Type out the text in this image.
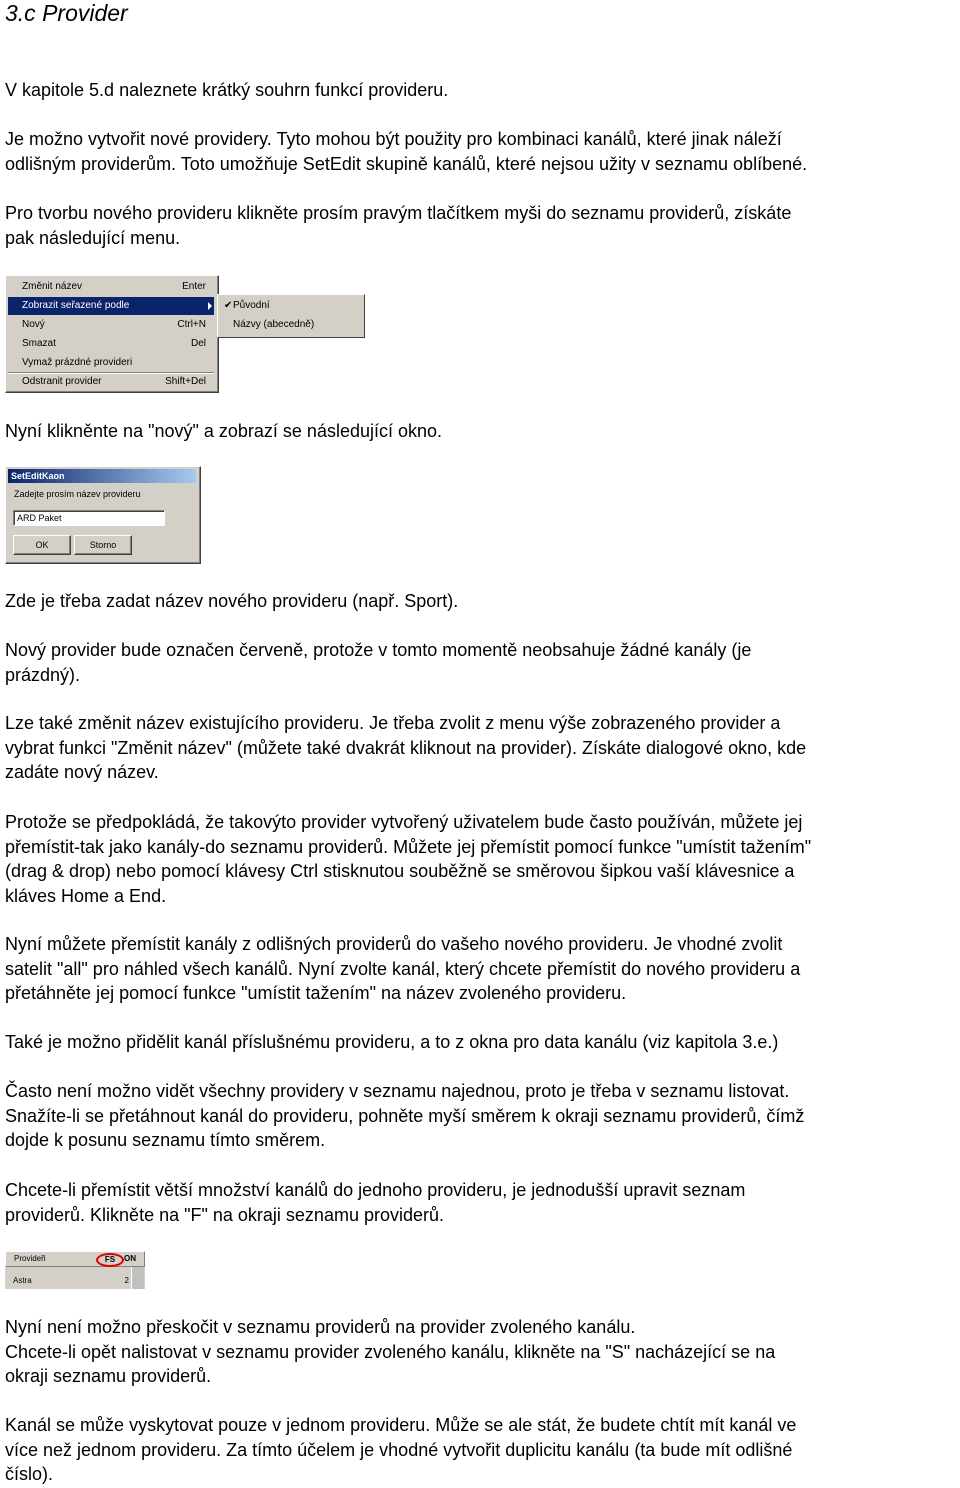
3.c Provider
V kapitole 5.d naleznete krátký souhrn funkcí provideru.
Je možno vytvořit nové providery. Tyto mohou být použity pro kombinaci kanálů, které jinak náleží
odlišným providerům. Toto umožňuje SetEdit skupině kanálů, které nejsou užity v seznamu oblíbené.
Pro tvorbu nového provideru klikněte prosím pravým tlačítkem myši do seznamu providerů, získáte
pak následující menu.
Změnit název	Enter
Zobrazit seřazené podle
Nový	Ctrl+N
Smazat	Del
Vymaž prázdné providerі
Odstranit provider	Shift+Del
✔ Původní
Názvy (abecedně)
Nyní klikněnte na "nový" a zobrazí se následující okno.
SetEditKaon
Zadejte prosím název provideru
ARD Paket
OK	Storno
Zde je třeba zadat název nového provideru (např. Sport).
Nový provider bude označen červeně, protože v tomto momentě neobsahuje žádné kanály (je
prázdný).
Lze také změnit název existujícího provideru. Je třeba zvolit z menu výše zobrazeného provider a
vybrat funkci "Změnit název" (můžete také dvakrát kliknout na provider). Získáte dialogové okno, kde
zadáte nový název.
Protože se předpokládá, že takovýto provider vytvořený uživatelem bude často používán, můžete jej
přemístit-tak jako kanály-do seznamu providerů. Můžete jej přemístit pomocí funkce "umístit tažením"
(drag & drop) nebo pomocí klávesy Ctrl stisknutou souběžně se směrovou šipkou vaší klávesnice a
kláves Home a End.
Nyní můžete přemístit kanály z odlišných providerů do vašeho nového provideru. Je vhodné zvolit
satelit "all" pro náhled všech kanálů. Nyní zvolte kanál, který chcete přemístit do nového provideru a
přetáhněte jej pomocí funkce "umístit tažením" na název zvoleného provideru.
Také je možno přidělit kanál příslušnému provideru, a to z okna pro data kanálu (viz kapitola 3.e.)
Často není možno vidět všechny providery v seznamu najednou, proto je třeba v seznamu listovat.
Snažíte-li se přetáhnout kanál do provideru, pohněte myší směrem k okraji seznamu providerů, čímž
dojde k posunu seznamu tímto směrem.
Chcete-li přemístit větší množství kanálů do jednoho provideru, je jednodušší upravit seznam
providerů. Klikněte na "F" na okraji seznamu providerů.
Provideři	FS	ON
Astra	2
Nyní není možno přeskočit v seznamu providerů na provider zvoleného kanálu.
Chcete-li opět nalistovat v seznamu provider zvoleného kanálu, klikněte na "S" nacházející se na
okraji seznamu providerů.
Kanál se může vyskytovat pouze v jednom provideru. Může se ale stát, že budete chtít mít kanál ve
více než jednom provideru. Za tímto účelem je vhodné vytvořit duplicitu kanálu (ta bude mít odlišné
číslo).
